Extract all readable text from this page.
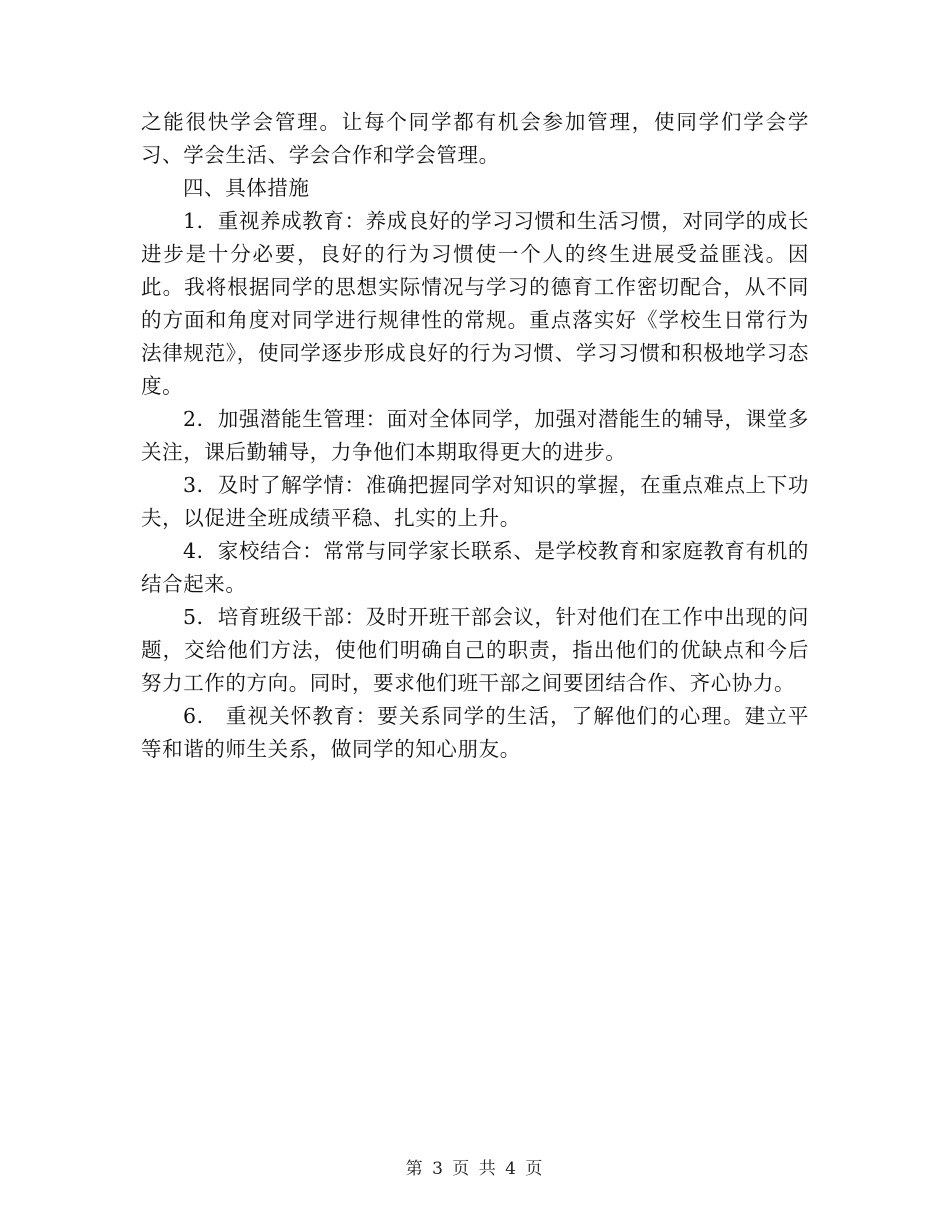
之能很快学会管理。让每个同学都有机会参加管理，使同学们学会学习、学会生活、学会合作和学会管理。

四、具体措施

1．重视养成教育：养成良好的学习习惯和生活习惯，对同学的成长进步是十分必要，良好的行为习惯使一个人的终生进展受益匪浅。因此。我将根据同学的思想实际情况与学习的德育工作密切配合，从不同的方面和角度对同学进行规律性的常规。重点落实好《学校生日常行为法律规范》，使同学逐步形成良好的行为习惯、学习习惯和积极地学习态度。

2．加强潜能生管理：面对全体同学，加强对潜能生的辅导，课堂多关注，课后勤辅导，力争他们本期取得更大的进步。

3．及时了解学情：准确把握同学对知识的掌握，在重点难点上下功夫，以促进全班成绩平稳、扎实的上升。

4．家校结合：常常与同学家长联系、是学校教育和家庭教育有机的结合起来。

5．培育班级干部：及时开班干部会议，针对他们在工作中出现的问题，交给他们方法，使他们明确自己的职责，指出他们的优缺点和今后努力工作的方向。同时，要求他们班干部之间要团结合作、齐心协力。

6.　重视关怀教育：要关系同学的生活，了解他们的心理。建立平等和谐的师生关系，做同学的知心朋友。

第 3 页 共 4 页
